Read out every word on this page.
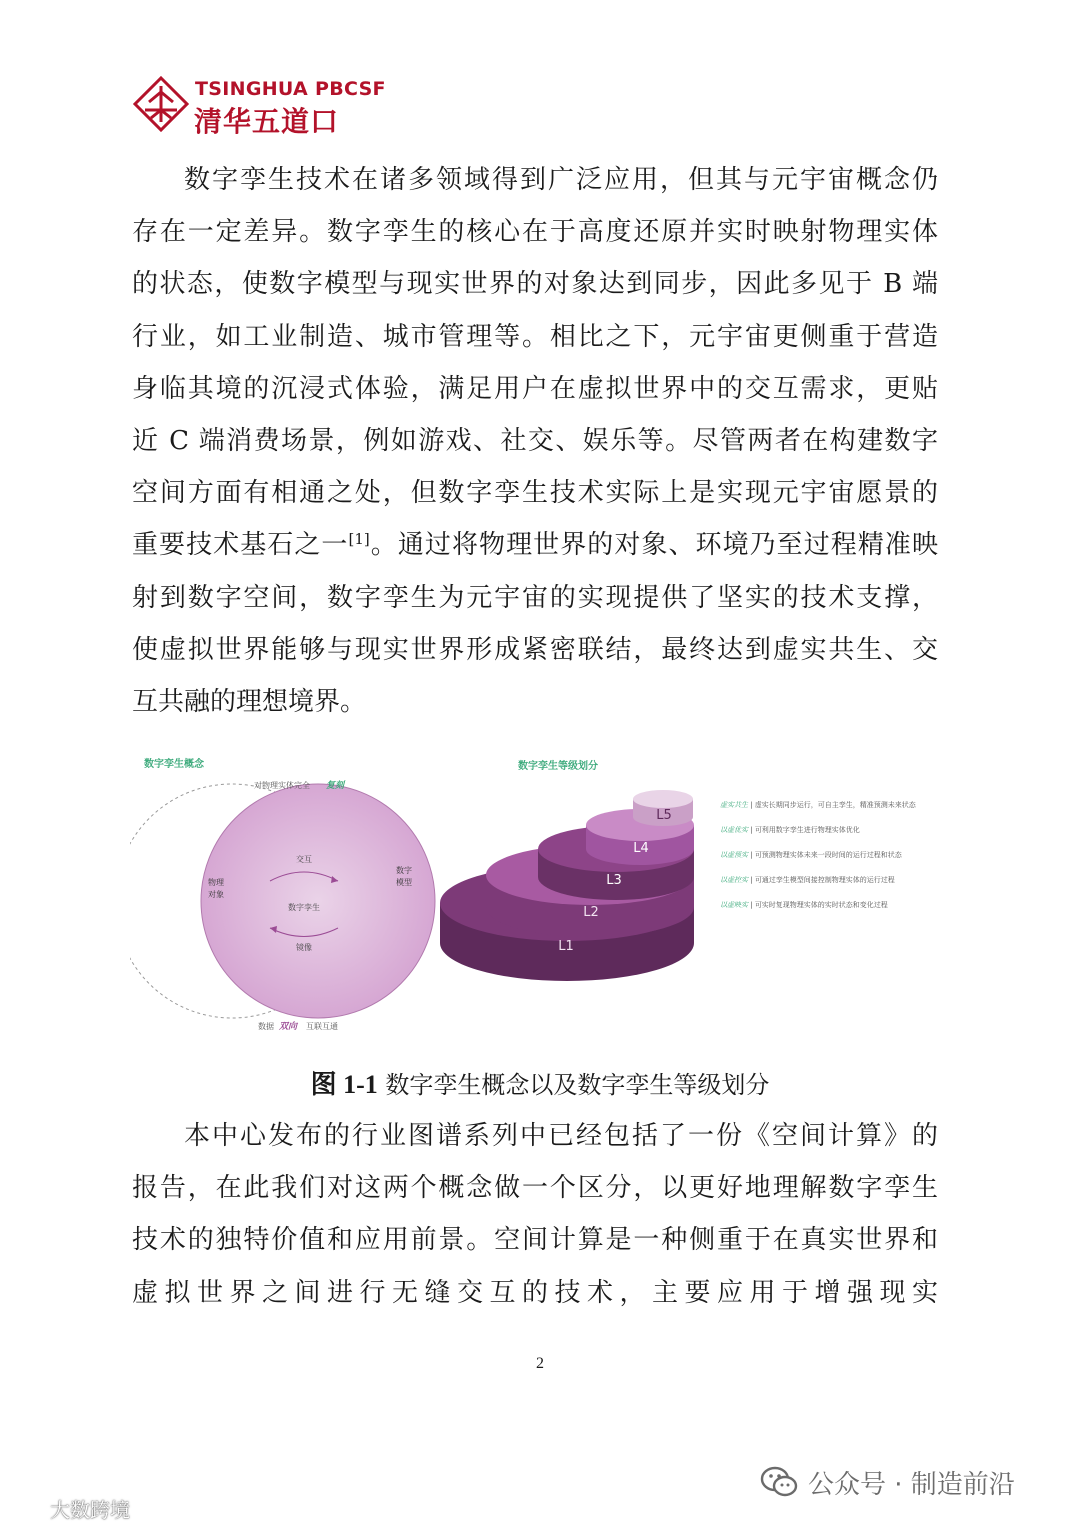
TSINGHUA PBCSF
清华五道口
数字孪生技术在诸多领域得到广泛应用，但其与元宇宙概念仍
存在一定差异。数字孪生的核心在于高度还原并实时映射物理实体
的状态，使数字模型与现实世界的对象达到同步，因此多见于 B 端
行业，如工业制造、城市管理等。相比之下，元宇宙更侧重于营造
身临其境的沉浸式体验，满足用户在虚拟世界中的交互需求，更贴
近 C 端消费场景，例如游戏、社交、娱乐等。尽管两者在构建数字
空间方面有相通之处，但数字孪生技术实际上是实现元宇宙愿景的
重要技术基石之一[1]。通过将物理世界的对象、环境乃至过程精准映
射到数字空间，数字孪生为元宇宙的实现提供了坚实的技术支撑，
使虚拟世界能够与现实世界形成紧密联结，最终达到虚实共生、交
互共融的理想境界。
数字孪生概念
对物理实体完全 复刻
物理对象
数字模型
交互
数字孪生
镜像
数据 双向 互联互通
数字孪生等级划分
L1
L2
L3
L4
L5
虚实共生 | 虚实长期同步运行，可自主孪生，精准预测未来状态
以虚优实 | 可利用数字孪生进行物理实体优化
以虚预实 | 可预测物理实体未来一段时间的运行过程和状态
以虚控实 | 可通过孪生模型间接控制物理实体的运行过程
以虚映实 | 可实时复现物理实体的实时状态和变化过程
图 1-1 数字孪生概念以及数字孪生等级划分
本中心发布的行业图谱系列中已经包括了一份《空间计算》的
报告，在此我们对这两个概念做一个区分，以更好地理解数字孪生
技术的独特价值和应用前景。空间计算是一种侧重于在真实世界和
虚拟世界之间进行无缝交互的技术，主要应用于增强现实
2
公众号 · 制造前沿
大数跨境
